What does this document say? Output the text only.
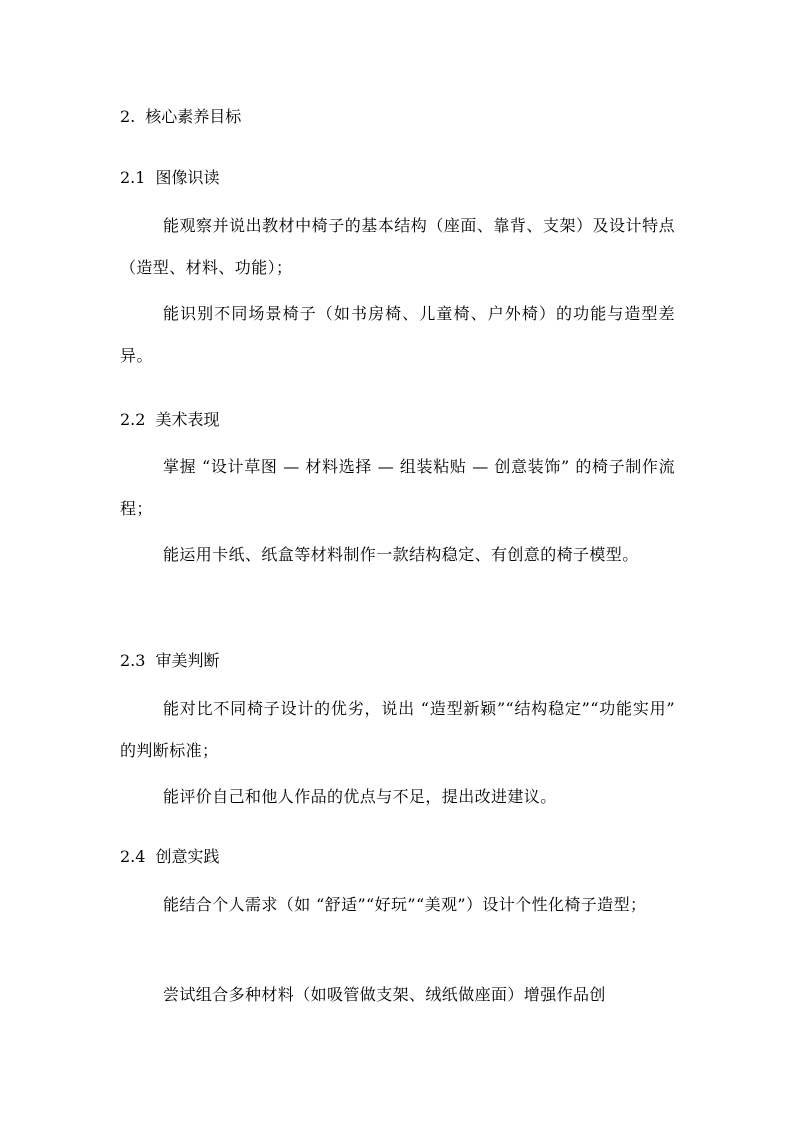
2. 核心素养目标
2.1 图像识读

能观察并说出教材中椅子的基本结构（座面、靠背、支架）及设计特点（造型、材料、功能）；

能识别不同场景椅子（如书房椅、儿童椅、户外椅）的功能与造型差异。

2.2 美术表现

掌握 “设计草图 — 材料选择 — 组装粘贴 — 创意装饰” 的椅子制作流程；

能运用卡纸、纸盒等材料制作一款结构稳定、有创意的椅子模型。

2.3 审美判断

能对比不同椅子设计的优劣，说出 “造型新颖”“结构稳定”“功能实用” 的判断标准；

能评价自己和他人作品的优点与不足，提出改进建议。

2.4 创意实践

能结合个人需求（如 “舒适”“好玩”“美观”）设计个性化椅子造型；

尝试组合多种材料（如吸管做支架、绒纸做座面）增强作品创
